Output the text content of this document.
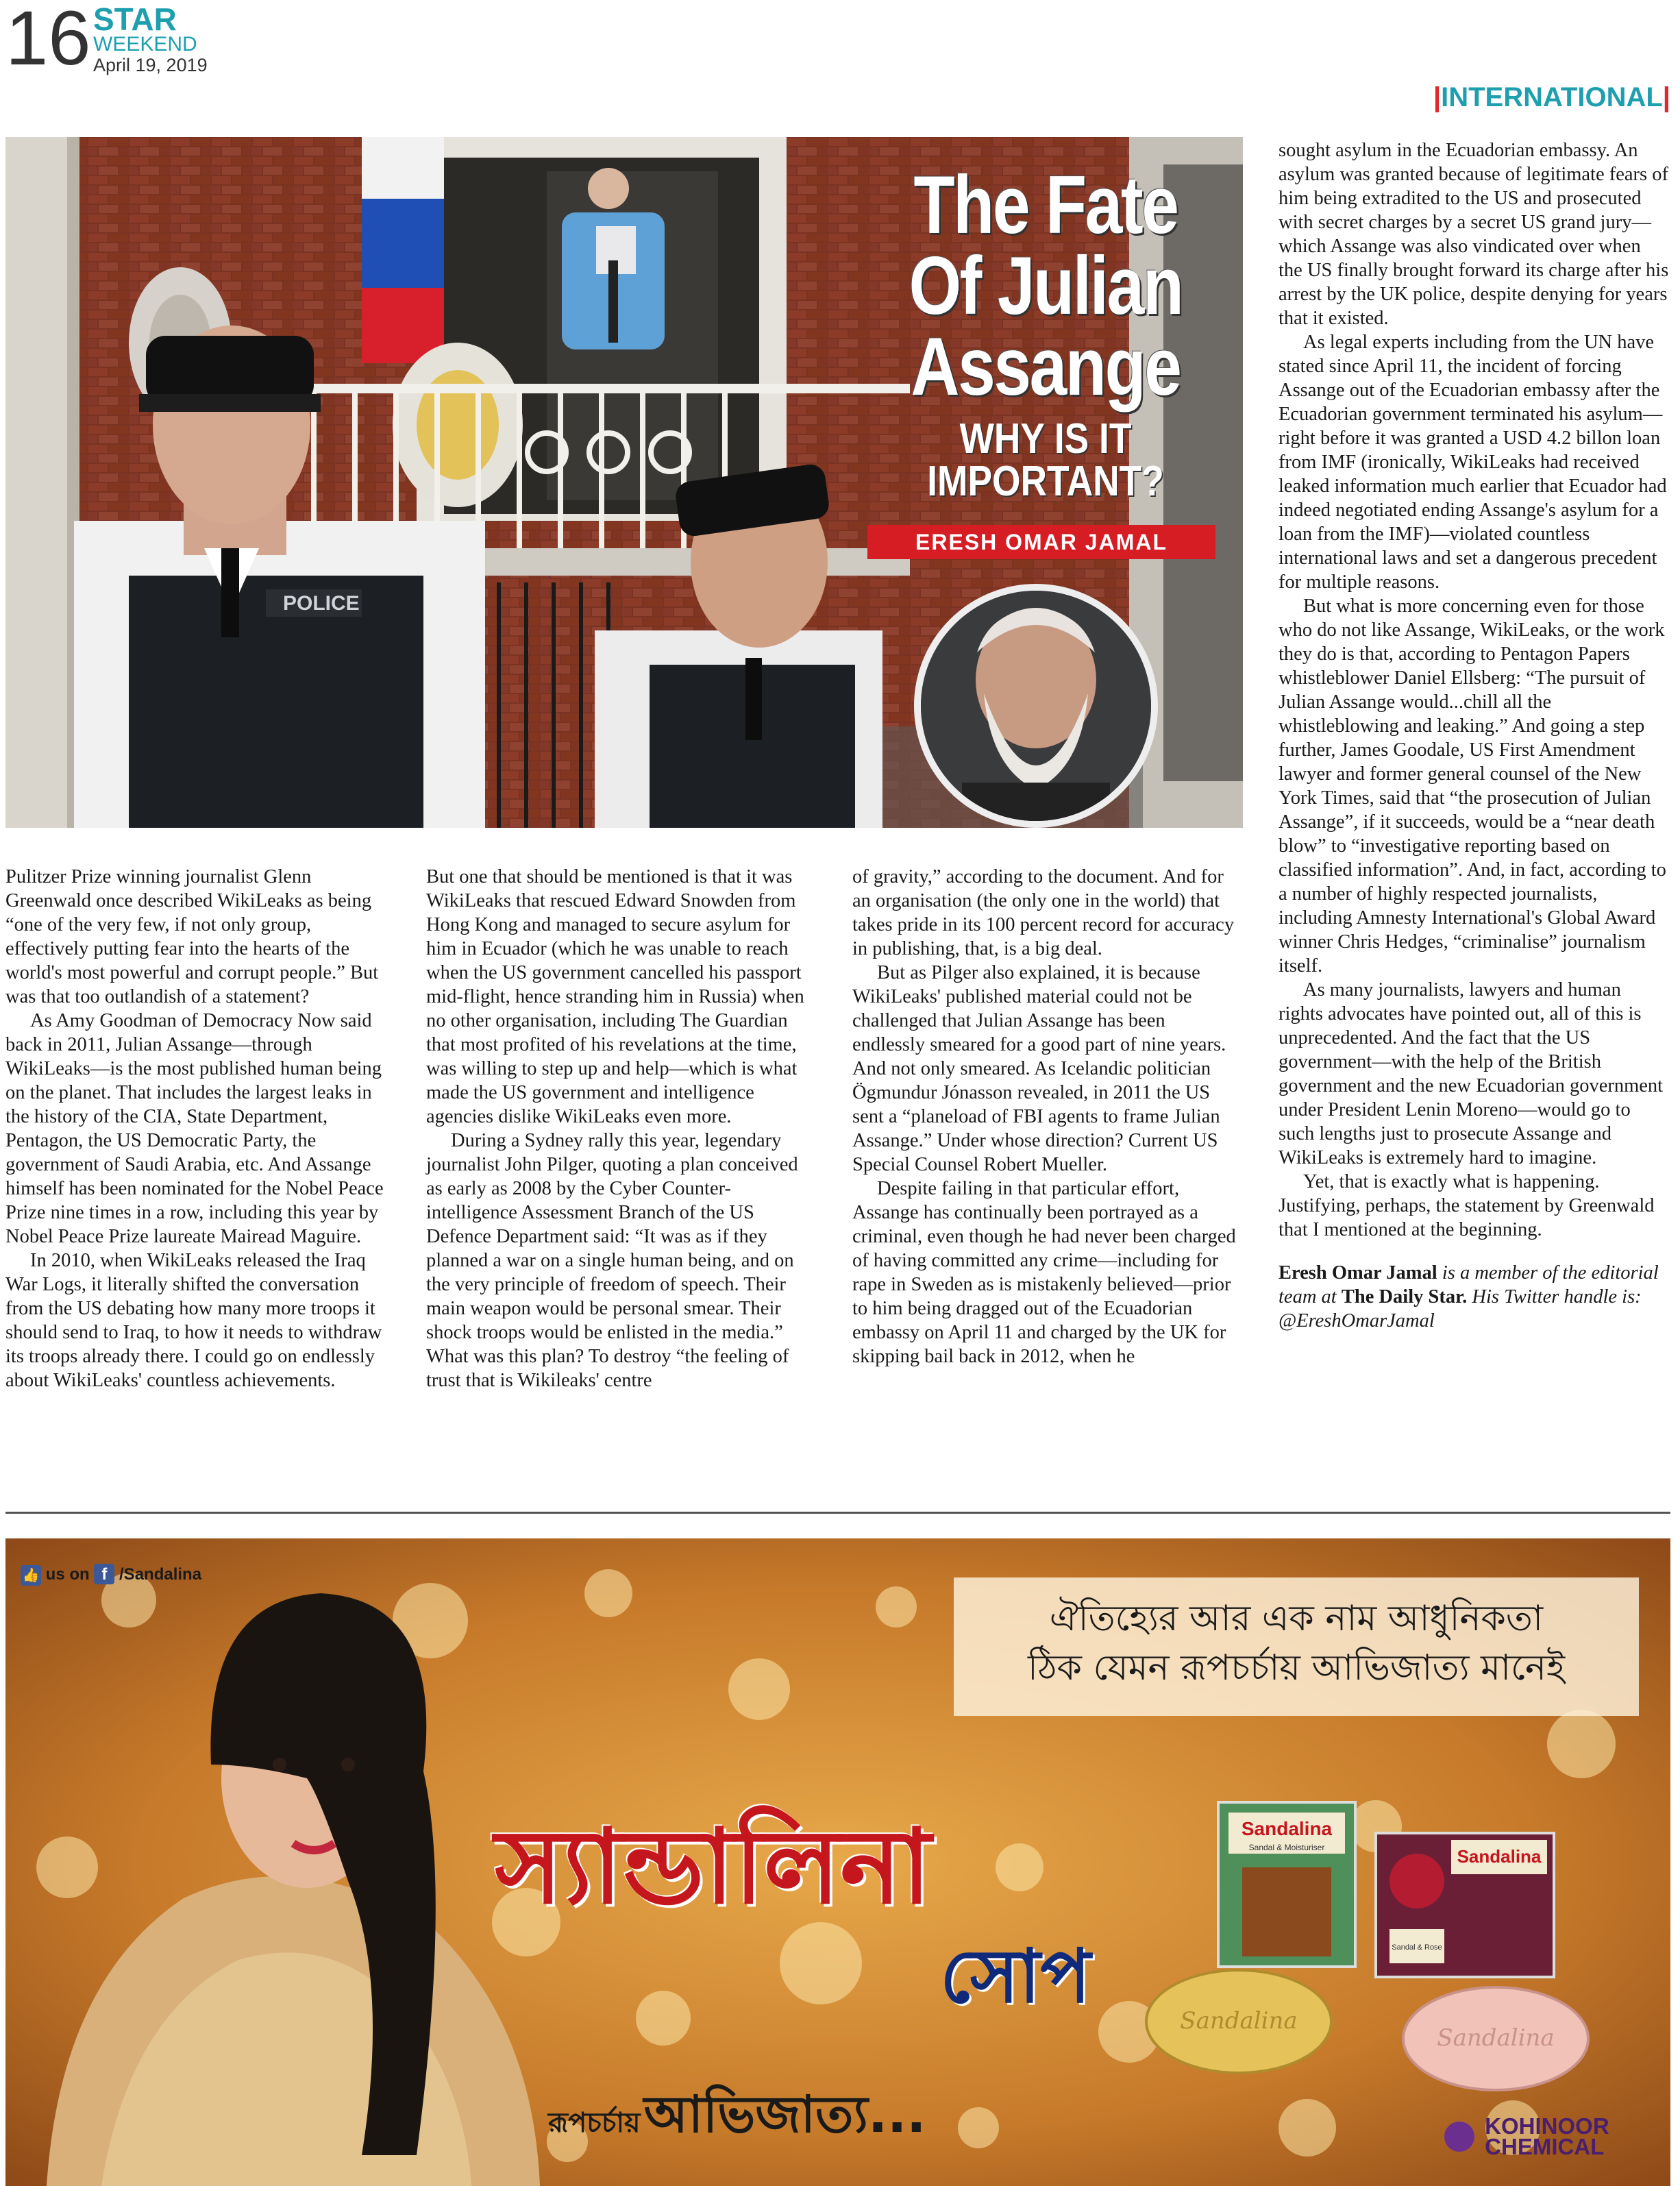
16 STAR
WEEKEND
April 19, 2019
|INTERNATIONAL|
POLICE
The Fate Of Julian Assange
WHY IS IT IMPORTANT?
ERESH OMAR JAMAL

Pulitzer Prize winning journalist Glenn Greenwald once described WikiLeaks as being “one of the very few, if not only group, effectively putting fear into the hearts of the world's most powerful and corrupt people.” But was that too outlandish of a statement?

As Amy Goodman of Democracy Now said back in 2011, Julian Assange—through WikiLeaks—is the most published human being on the planet. That includes the largest leaks in the history of the CIA, State Department, Pentagon, the US Democratic Party, the government of Saudi Arabia, etc. And Assange himself has been nominated for the Nobel Peace Prize nine times in a row, including this year by Nobel Peace Prize laureate Mairead Maguire.

In 2010, when WikiLeaks released the Iraq War Logs, it literally shifted the conversation from the US debating how many more troops it should send to Iraq, to how it needs to withdraw its troops already there. I could go on endlessly about WikiLeaks' countless achievements.

But one that should be mentioned is that it was WikiLeaks that rescued Edward Snowden from Hong Kong and managed to secure asylum for him in Ecuador (which he was unable to reach when the US government cancelled his passport mid-flight, hence stranding him in Russia) when no other organisation, including The Guardian that most profited of his revelations at the time, was willing to step up and help—which is what made the US government and intelligence agencies dislike WikiLeaks even more.

During a Sydney rally this year, legendary journalist John Pilger, quoting a plan conceived as early as 2008 by the Cyber Counter-intelligence Assessment Branch of the US Defence Department said: “It was as if they planned a war on a single human being, and on the very principle of freedom of speech. Their main weapon would be personal smear. Their shock troops would be enlisted in the media.” What was this plan? To destroy “the feeling of trust that is Wikileaks' centre

of gravity,” according to the document. And for an organisation (the only one in the world) that takes pride in its 100 percent record for accuracy in publishing, that, is a big deal.

But as Pilger also explained, it is because WikiLeaks' published material could not be challenged that Julian Assange has been endlessly smeared for a good part of nine years. And not only smeared. As Icelandic politician Ögmundur Jónasson revealed, in 2011 the US sent a “planeload of FBI agents to frame Julian Assange.” Under whose direction? Current US Special Counsel Robert Mueller.

Despite failing in that particular effort, Assange has continually been portrayed as a criminal, even though he had never been charged of having committed any crime—including for rape in Sweden as is mistakenly believed—prior to him being dragged out of the Ecuadorian embassy on April 11 and charged by the UK for skipping bail back in 2012, when he

sought asylum in the Ecuadorian embassy. An asylum was granted because of legitimate fears of him being extradited to the US and prosecuted with secret charges by a secret US grand jury—which Assange was also vindicated over when the US finally brought forward its charge after his arrest by the UK police, despite denying for years that it existed.

As legal experts including from the UN have stated since April 11, the incident of forcing Assange out of the Ecuadorian embassy after the Ecuadorian government terminated his asylum—right before it was granted a USD 4.2 billon loan from IMF (ironically, WikiLeaks had received leaked information much earlier that Ecuador had indeed negotiated ending Assange's asylum for a loan from the IMF)—violated countless international laws and set a dangerous precedent for multiple reasons.

But what is more concerning even for those who do not like Assange, WikiLeaks, or the work they do is that, according to Pentagon Papers whistleblower Daniel Ellsberg: “The pursuit of Julian Assange would...chill all the whistleblowing and leaking.” And going a step further, James Goodale, US First Amendment lawyer and former general counsel of the New York Times, said that “the prosecution of Julian Assange”, if it succeeds, would be a “near death blow” to “investigative reporting based on classified information”. And, in fact, according to a number of highly respected journalists, including Amnesty International's Global Award winner Chris Hedges, “criminalise” journalism itself.

As many journalists, lawyers and human rights advocates have pointed out, all of this is unprecedented. And the fact that the US government—with the help of the British government and the new Ecuadorian government under President Lenin Moreno—would go to such lengths just to prosecute Assange and WikiLeaks is extremely hard to imagine.

Yet, that is exactly what is happening. Justifying, perhaps, the statement by Greenwald that I mentioned at the beginning.

Eresh Omar Jamal is a member of the editorial team at The Daily Star. His Twitter handle is: @EreshOmarJamal

Sandalina
Sandal & Moisturiser	Sandalina
Sandal & Rose
Sandalina
Sandalina
👍 us on f /Sandalina
ঐতিহ্যের আর এক নাম আধুনিকতা
ঠিক যেমন রূপচর্চায় আভিজাত্য মানেই
স্যান্ডালিনা
সোপ
রূপচর্চায় আভিজাত্য...
	KOHINOOR
CHEMICAL
